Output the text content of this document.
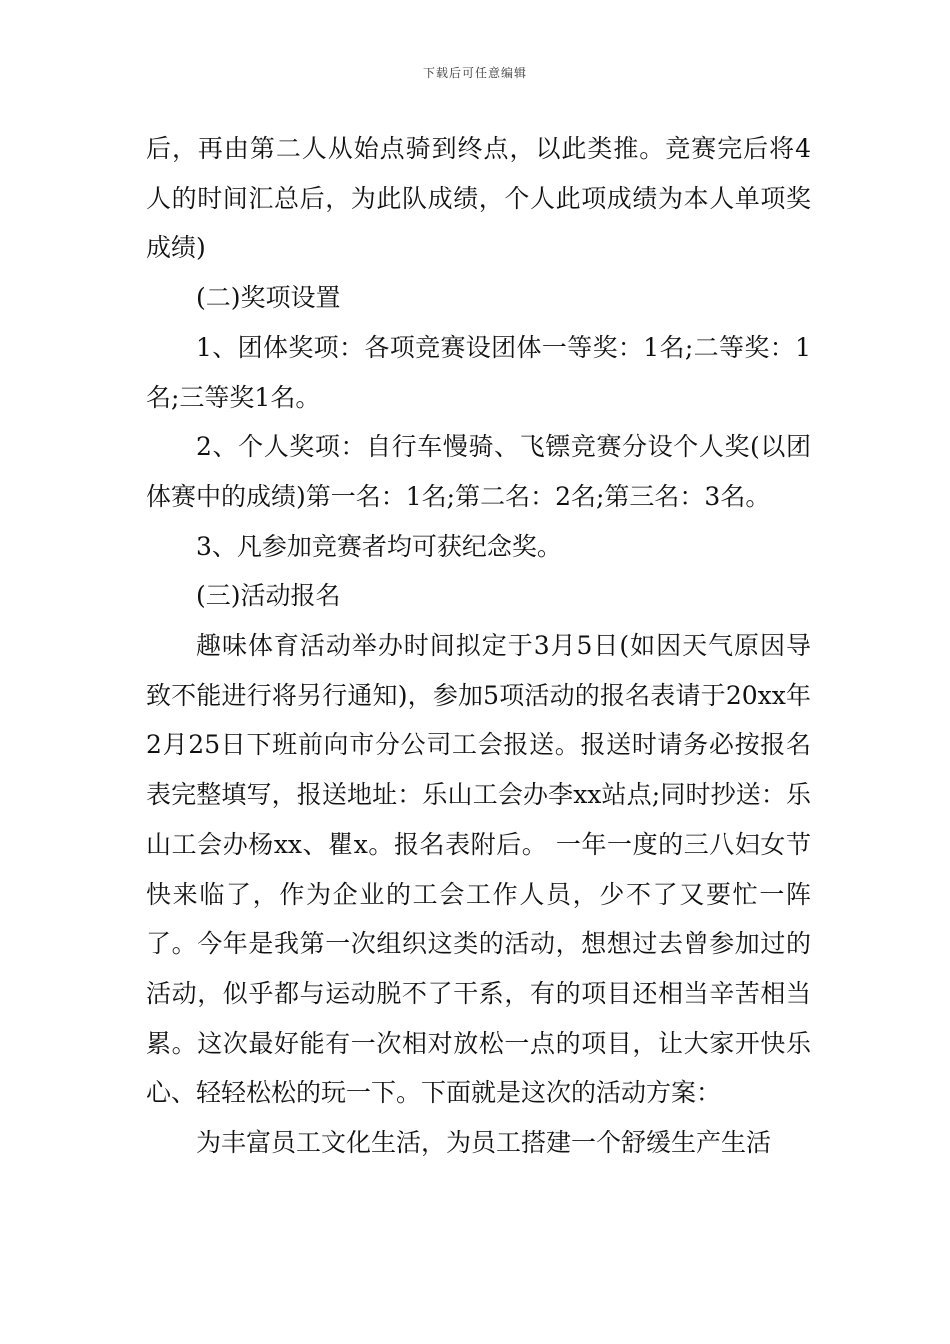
下载后可任意编辑

后，再由第二人从始点骑到终点，以此类推。竞赛完后将4人的时间汇总后，为此队成绩，个人此项成绩为本人单项奖成绩)

(二)奖项设置

1、团体奖项：各项竞赛设团体一等奖：1名;二等奖：1名;三等奖1名。

2、个人奖项：自行车慢骑、飞镖竞赛分设个人奖(以团体赛中的成绩)第一名：1名;第二名：2名;第三名：3名。

3、凡参加竞赛者均可获纪念奖。

(三)活动报名

趣味体育活动举办时间拟定于3月5日(如因天气原因导致不能进行将另行通知)，参加5项活动的报名表请于20xx年2月25日下班前向市分公司工会报送。报送时请务必按报名表完整填写，报送地址：乐山工会办李xx站点;同时抄送：乐山工会办杨xx、瞿x。报名表附后。 一年一度的三八妇女节快来临了，作为企业的工会工作人员，少不了又要忙一阵了。今年是我第一次组织这类的活动，想想过去曾参加过的活动，似乎都与运动脱不了干系，有的项目还相当辛苦相当累。这次最好能有一次相对放松一点的项目，让大家开快乐心、轻轻松松的玩一下。下面就是这次的活动方案：

为丰富员工文化生活，为员工搭建一个舒缓生产生活
